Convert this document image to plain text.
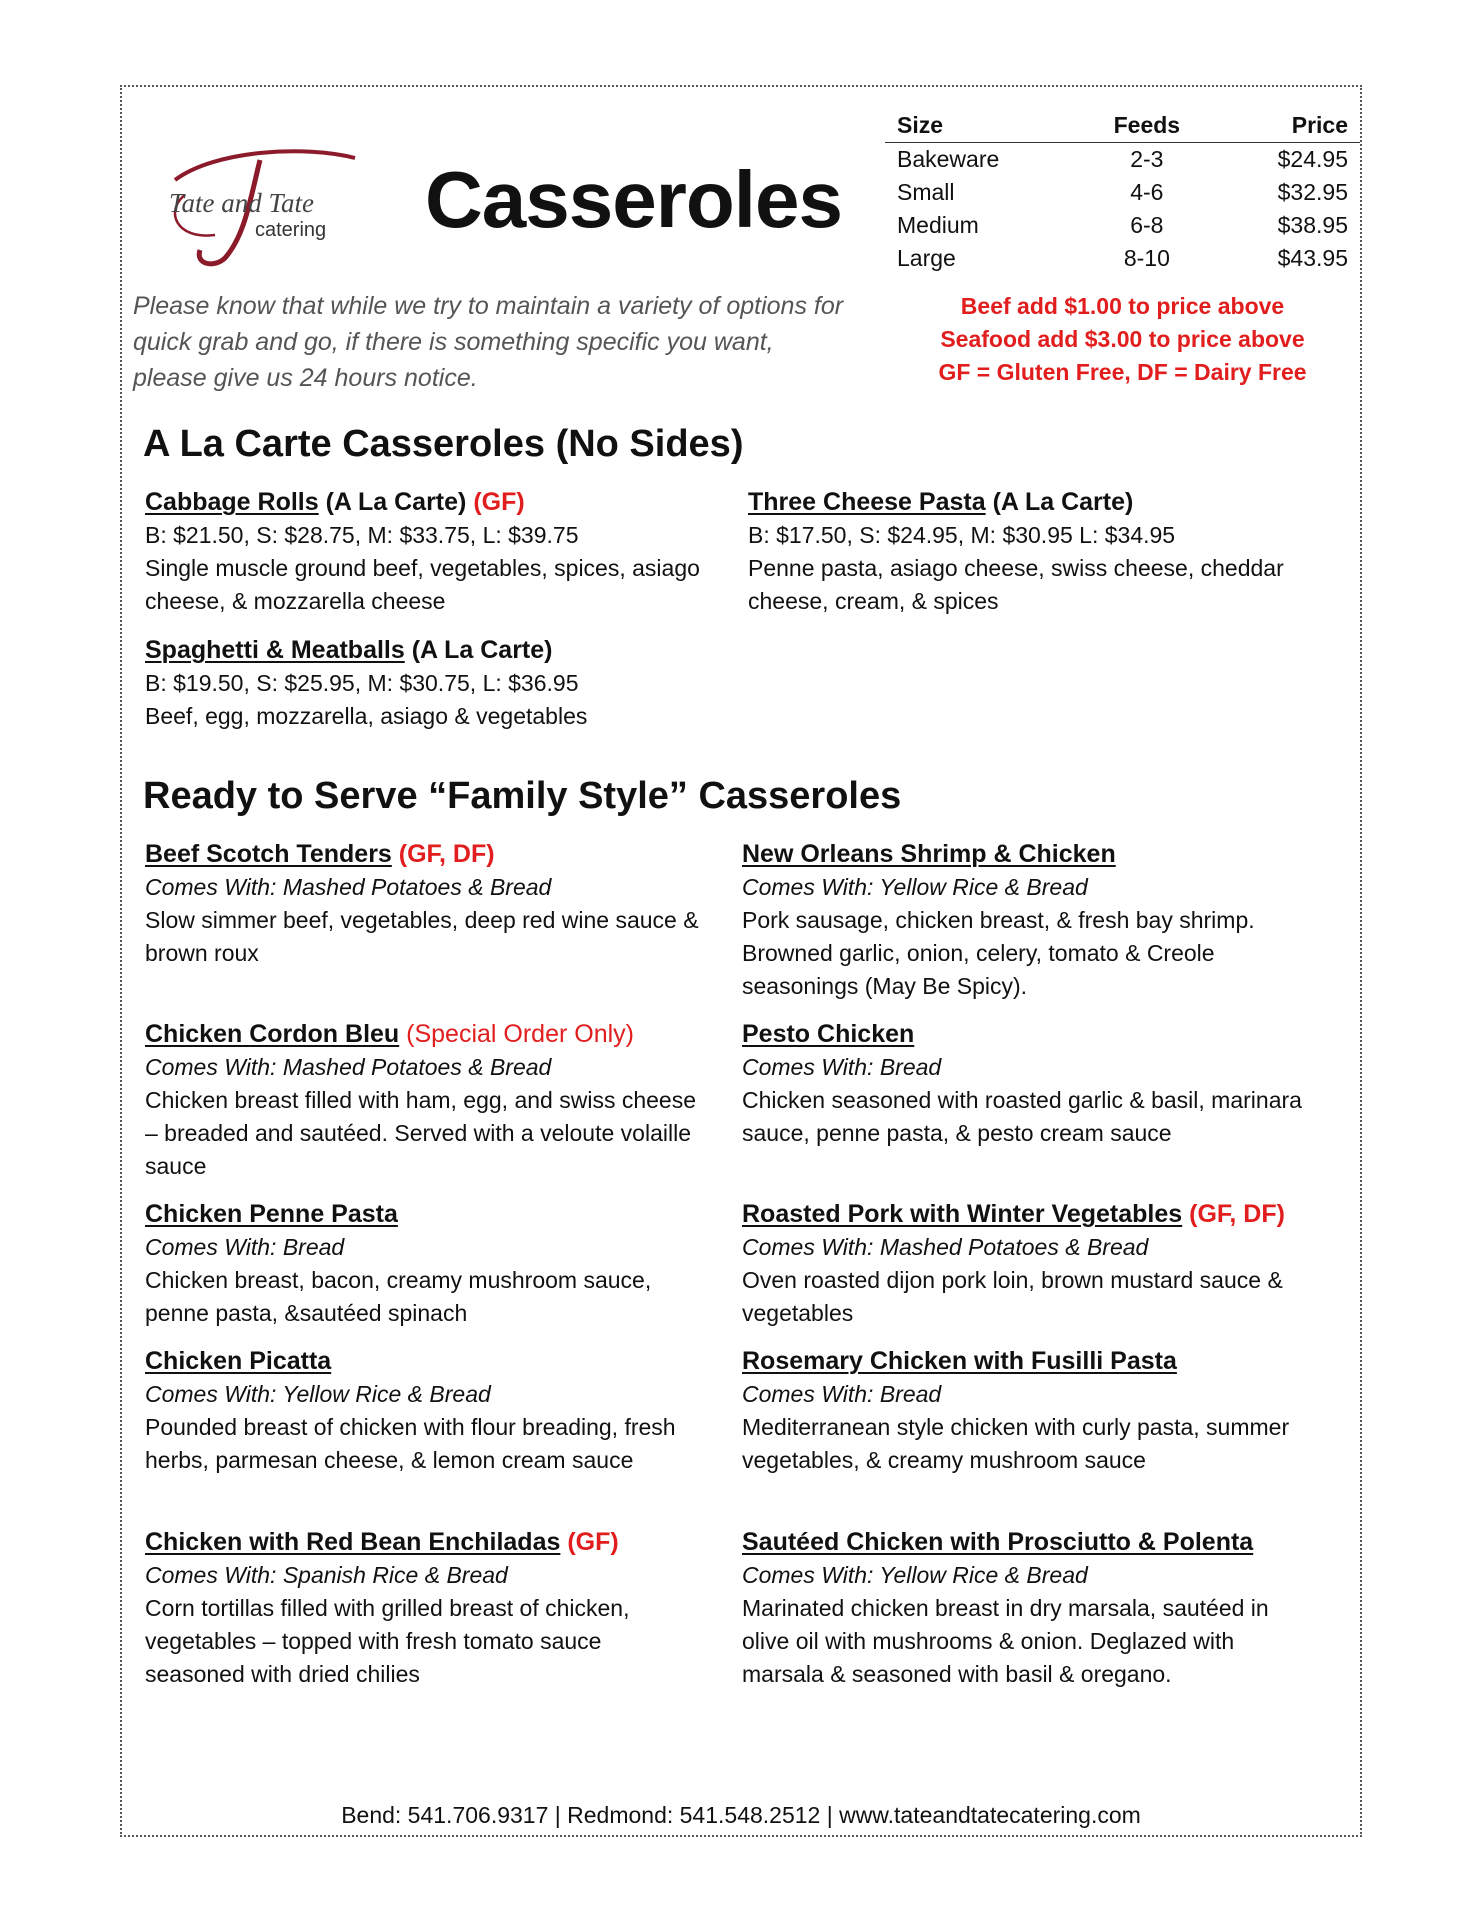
Tate and Tate
catering Casseroles
Please know that while we try to maintain a variety of options for quick grab and go, if there is something specific you want, please give us 24 hours notice.
Size	Feeds	Price
Bakeware	2-3	$24.95
Small	4-6	$32.95
Medium	6-8	$38.95
Large	8-10	$43.95
Beef add $1.00 to price above
Seafood add $3.00 to price above
GF = Gluten Free, DF = Dairy Free
A La Carte Casseroles (No Sides)
Cabbage Rolls (A La Carte) (GF)
B: $21.50, S: $28.75, M: $33.75, L: $39.75
Single muscle ground beef, vegetables, spices, asiago cheese, & mozzarella cheese
Three Cheese Pasta (A La Carte)
B: $17.50, S: $24.95, M: $30.95 L: $34.95
Penne pasta, asiago cheese, swiss cheese, cheddar cheese, cream, & spices
Spaghetti & Meatballs (A La Carte)
B: $19.50, S: $25.95, M: $30.75, L: $36.95
Beef, egg, mozzarella, asiago & vegetables
Ready to Serve “Family Style” Casseroles
Beef Scotch Tenders (GF, DF)
Comes With: Mashed Potatoes & Bread
Slow simmer beef, vegetables, deep red wine sauce & brown roux
New Orleans Shrimp & Chicken
Comes With: Yellow Rice & Bread
Pork sausage, chicken breast, & fresh bay shrimp. Browned garlic, onion, celery, tomato & Creole seasonings (May Be Spicy).
Chicken Cordon Bleu (Special Order Only)
Comes With: Mashed Potatoes & Bread
Chicken breast filled with ham, egg, and swiss cheese – breaded and sautéed. Served with a veloute volaille sauce
Pesto Chicken
Comes With: Bread
Chicken seasoned with roasted garlic & basil, marinara sauce, penne pasta, & pesto cream sauce
Chicken Penne Pasta
Comes With: Bread
Chicken breast, bacon, creamy mushroom sauce, penne pasta, &sautéed spinach
Roasted Pork with Winter Vegetables (GF, DF)
Comes With: Mashed Potatoes & Bread
Oven roasted dijon pork loin, brown mustard sauce & vegetables
Chicken Picatta
Comes With: Yellow Rice & Bread
Pounded breast of chicken with flour breading, fresh herbs, parmesan cheese, & lemon cream sauce
Rosemary Chicken with Fusilli Pasta
Comes With: Bread
Mediterranean style chicken with curly pasta, summer vegetables, & creamy mushroom sauce
Chicken with Red Bean Enchiladas (GF)
Comes With: Spanish Rice & Bread
Corn tortillas filled with grilled breast of chicken, vegetables – topped with fresh tomato sauce seasoned with dried chilies
Sautéed Chicken with Prosciutto & Polenta
Comes With: Yellow Rice & Bread
Marinated chicken breast in dry marsala, sautéed in olive oil with mushrooms & onion. Deglazed with marsala & seasoned with basil & oregano.
Bend: 541.706.9317 | Redmond: 541.548.2512 | www.tateandtatecatering.com
